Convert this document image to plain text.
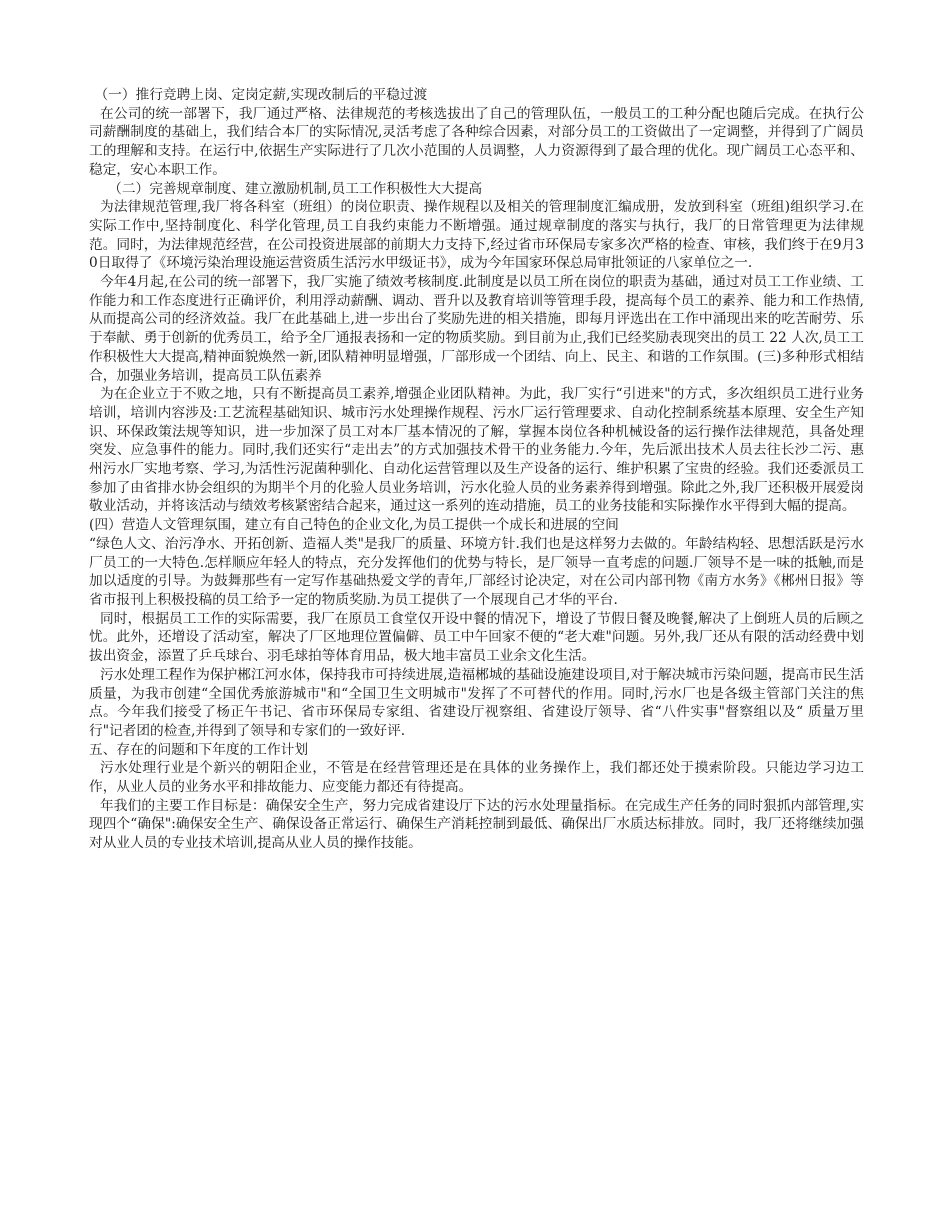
（一）推行竞聘上岗、定岗定薪,实现改制后的平稳过渡

在公司的统一部署下，我厂通过严格、法律规范的考核选拔出了自己的管理队伍，一般员工的工种分配也随后完成。在执行公司薪酬制度的基础上，我们结合本厂的实际情况,灵活考虑了各种综合因素，对部分员工的工资做出了一定调整，并得到了广阔员工的理解和支持。在运行中,依据生产实际进行了几次小范围的人员调整，人力资源得到了最合理的优化。现广阔员工心态平和、稳定，安心本职工作。

（二）完善规章制度、建立激励机制,员工工作积极性大大提高

为法律规范管理,我厂将各科室（班组）的岗位职责、操作规程以及相关的管理制度汇编成册，发放到科室（班组)组织学习.在实际工作中,坚持制度化、科学化管理,员工自我约束能力不断增强。通过规章制度的落实与执行，我厂的日常管理更为法律规范。同时，为法律规范经营，在公司投资进展部的前期大力支持下,经过省市环保局专家多次严格的检查、审核，我们终于在9月30日取得了《环境污染治理设施运营资质生活污水甲级证书》，成为今年国家环保总局审批领证的八家单位之一.

今年4月起,在公司的统一部署下，我厂实施了绩效考核制度.此制度是以员工所在岗位的职责为基础，通过对员工工作业绩、工作能力和工作态度进行正确评价，利用浮动薪酬、调动、晋升以及教育培训等管理手段，提高每个员工的素养、能力和工作热情,从而提高公司的经济效益。我厂在此基础上,进一步出台了奖励先进的相关措施，即每月评选出在工作中涌现出来的吃苦耐劳、乐于奉献、勇于创新的优秀员工，给予全厂通报表扬和一定的物质奖励。到目前为止,我们已经奖励表现突出的员工 22 人次,员工工作积极性大大提高,精神面貌焕然一新,团队精神明显增强，厂部形成一个团结、向上、民主、和谐的工作氛围。(三)多种形式相结合，加强业务培训，提高员工队伍素养

为在企业立于不败之地，只有不断提高员工素养,增强企业团队精神。为此，我厂实行“引进来"的方式，多次组织员工进行业务培训，培训内容涉及:工艺流程基础知识、城市污水处理操作规程、污水厂运行管理要求、自动化控制系统基本原理、安全生产知识、环保政策法规等知识，进一步加深了员工对本厂基本情况的了解，掌握本岗位各种机械设备的运行操作法律规范，具备处理突发、应急事件的能力。同时,我们还实行“走出去”的方式加强技术骨干的业务能力.今年，先后派出技术人员去往长沙二污、惠州污水厂实地考察、学习,为活性污泥菌种驯化、自动化运营管理以及生产设备的运行、维护积累了宝贵的经验。我们还委派员工参加了由省排水协会组织的为期半个月的化验人员业务培训，污水化验人员的业务素养得到增强。除此之外,我厂还积极开展爱岗敬业活动，并将该活动与绩效考核紧密结合起来，通过这一系列的连动措施，员工的业务技能和实际操作水平得到大幅的提高。

(四）营造人文管理氛围，建立有自己特色的企业文化,为员工提供一个成长和进展的空间

“绿色人文、治污净水、开拓创新、造福人类"是我厂的质量、环境方针.我们也是这样努力去做的。年龄结构轻、思想活跃是污水厂员工的一大特色.怎样顺应年轻人的特点，充分发挥他们的优势与特长，是厂领导一直考虑的问题.厂领导不是一味的抵触,而是加以适度的引导。为鼓舞那些有一定写作基础热爱文学的青年,厂部经讨论决定，对在公司内部刊物《南方水务》《郴州日报》等省市报刊上积极投稿的员工给予一定的物质奖励.为员工提供了一个展现自己才华的平台.

同时，根据员工工作的实际需要，我厂在原员工食堂仅开设中餐的情况下，增设了节假日餐及晚餐,解决了上倒班人员的后顾之忧。此外，还增设了活动室，解决了厂区地理位置偏僻、员工中午回家不便的“老大难"问题。另外,我厂还从有限的活动经费中划拔出资金，添置了乒乓球台、羽毛球拍等体育用品，极大地丰富员工业余文化生活。

污水处理工程作为保护郴江河水体，保持我市可持续进展,造福郴城的基础设施建设项目,对于解决城市污染问题，提高市民生活质量，为我市创建“全国优秀旅游城市"和“全国卫生文明城市"发挥了不可替代的作用。同时,污水厂也是各级主管部门关注的焦点。今年我们接受了杨正午书记、省市环保局专家组、省建设厅视察组、省建设厅领导、省“八件实事"督察组以及“ 质量万里行"记者团的检查,并得到了领导和专家们的一致好评.

五、存在的问题和下年度的工作计划

污水处理行业是个新兴的朝阳企业，不管是在经营管理还是在具体的业务操作上，我们都还处于摸索阶段。只能边学习边工作，从业人员的业务水平和排故能力、应变能力都还有待提高。

年我们的主要工作目标是：确保安全生产，努力完成省建设厅下达的污水处理量指标。在完成生产任务的同时狠抓内部管理,实现四个“确保":确保安全生产、确保设备正常运行、确保生产消耗控制到最低、确保出厂水质达标排放。同时，我厂还将继续加强对从业人员的专业技术培训,提高从业人员的操作技能。
